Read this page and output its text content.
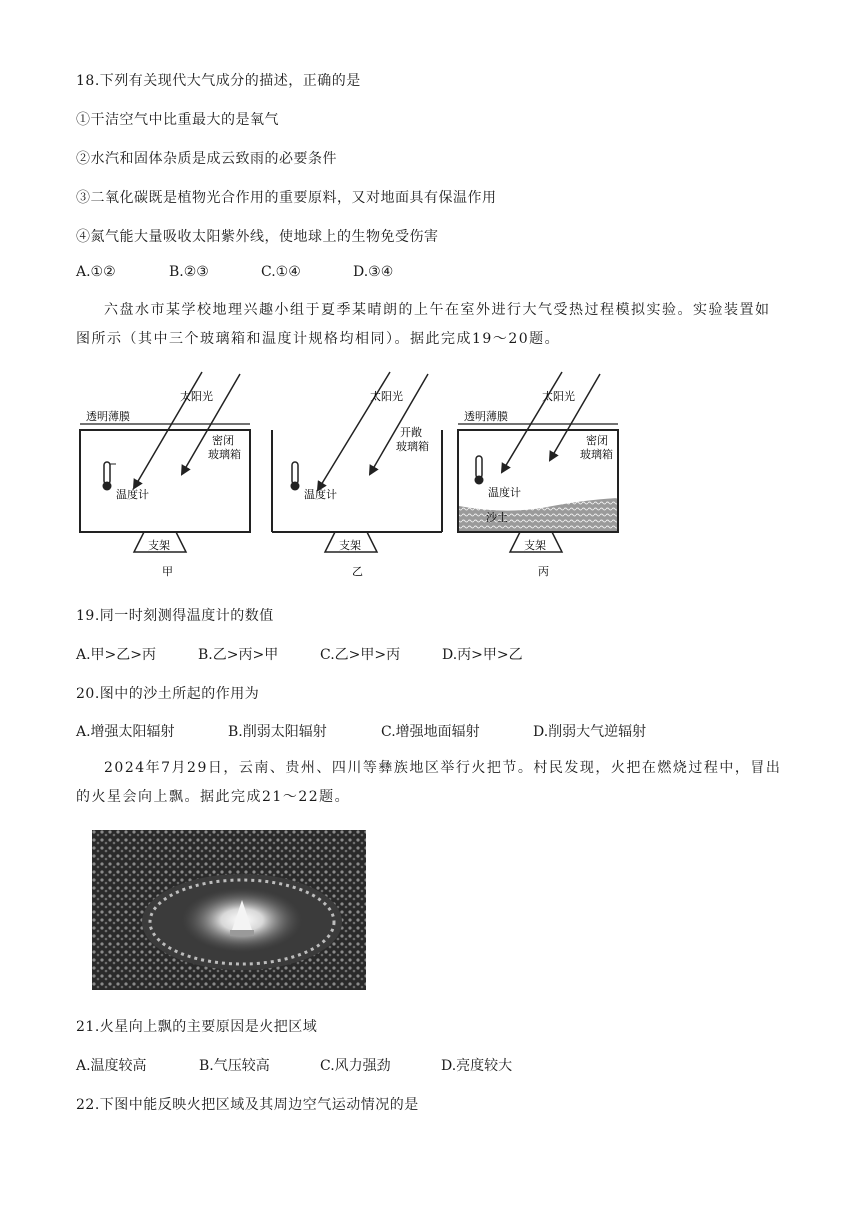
18.下列有关现代大气成分的描述，正确的是
①干洁空气中比重最大的是氧气
②水汽和固体杂质是成云致雨的必要条件
③二氧化碳既是植物光合作用的重要原料，又对地面具有保温作用
④氮气能大量吸收太阳紫外线，使地球上的生物免受伤害
A.①②	B.②③	C.①④	D.③④
六盘水市某学校地理兴趣小组于夏季某晴朗的上午在室外进行大气受热过程模拟实验。实验装置如图所示（其中三个玻璃箱和温度计规格均相同）。据此完成19～20题。
透明薄膜
太阳光
密闭
玻璃箱
温度计
支架
甲
太阳光
开敞
玻璃箱
温度计
支架
乙
透明薄膜
沙土
太阳光
密闭
玻璃箱
温度计
支架
丙
19.同一时刻测得温度计的数值
A.甲>乙>丙	B.乙>丙>甲	C.乙>甲>丙	D.丙>甲>乙
20.图中的沙土所起的作用为
A.增强太阳辐射	B.削弱太阳辐射	C.增强地面辐射	D.削弱大气逆辐射
2024年7月29日，云南、贵州、四川等彝族地区举行火把节。村民发现，火把在燃烧过程中，冒出的火星会向上飘。据此完成21～22题。
21.火星向上飘的主要原因是火把区域
A.温度较高	B.气压较高	C.风力强劲	D.亮度较大
22.下图中能反映火把区域及其周边空气运动情况的是
